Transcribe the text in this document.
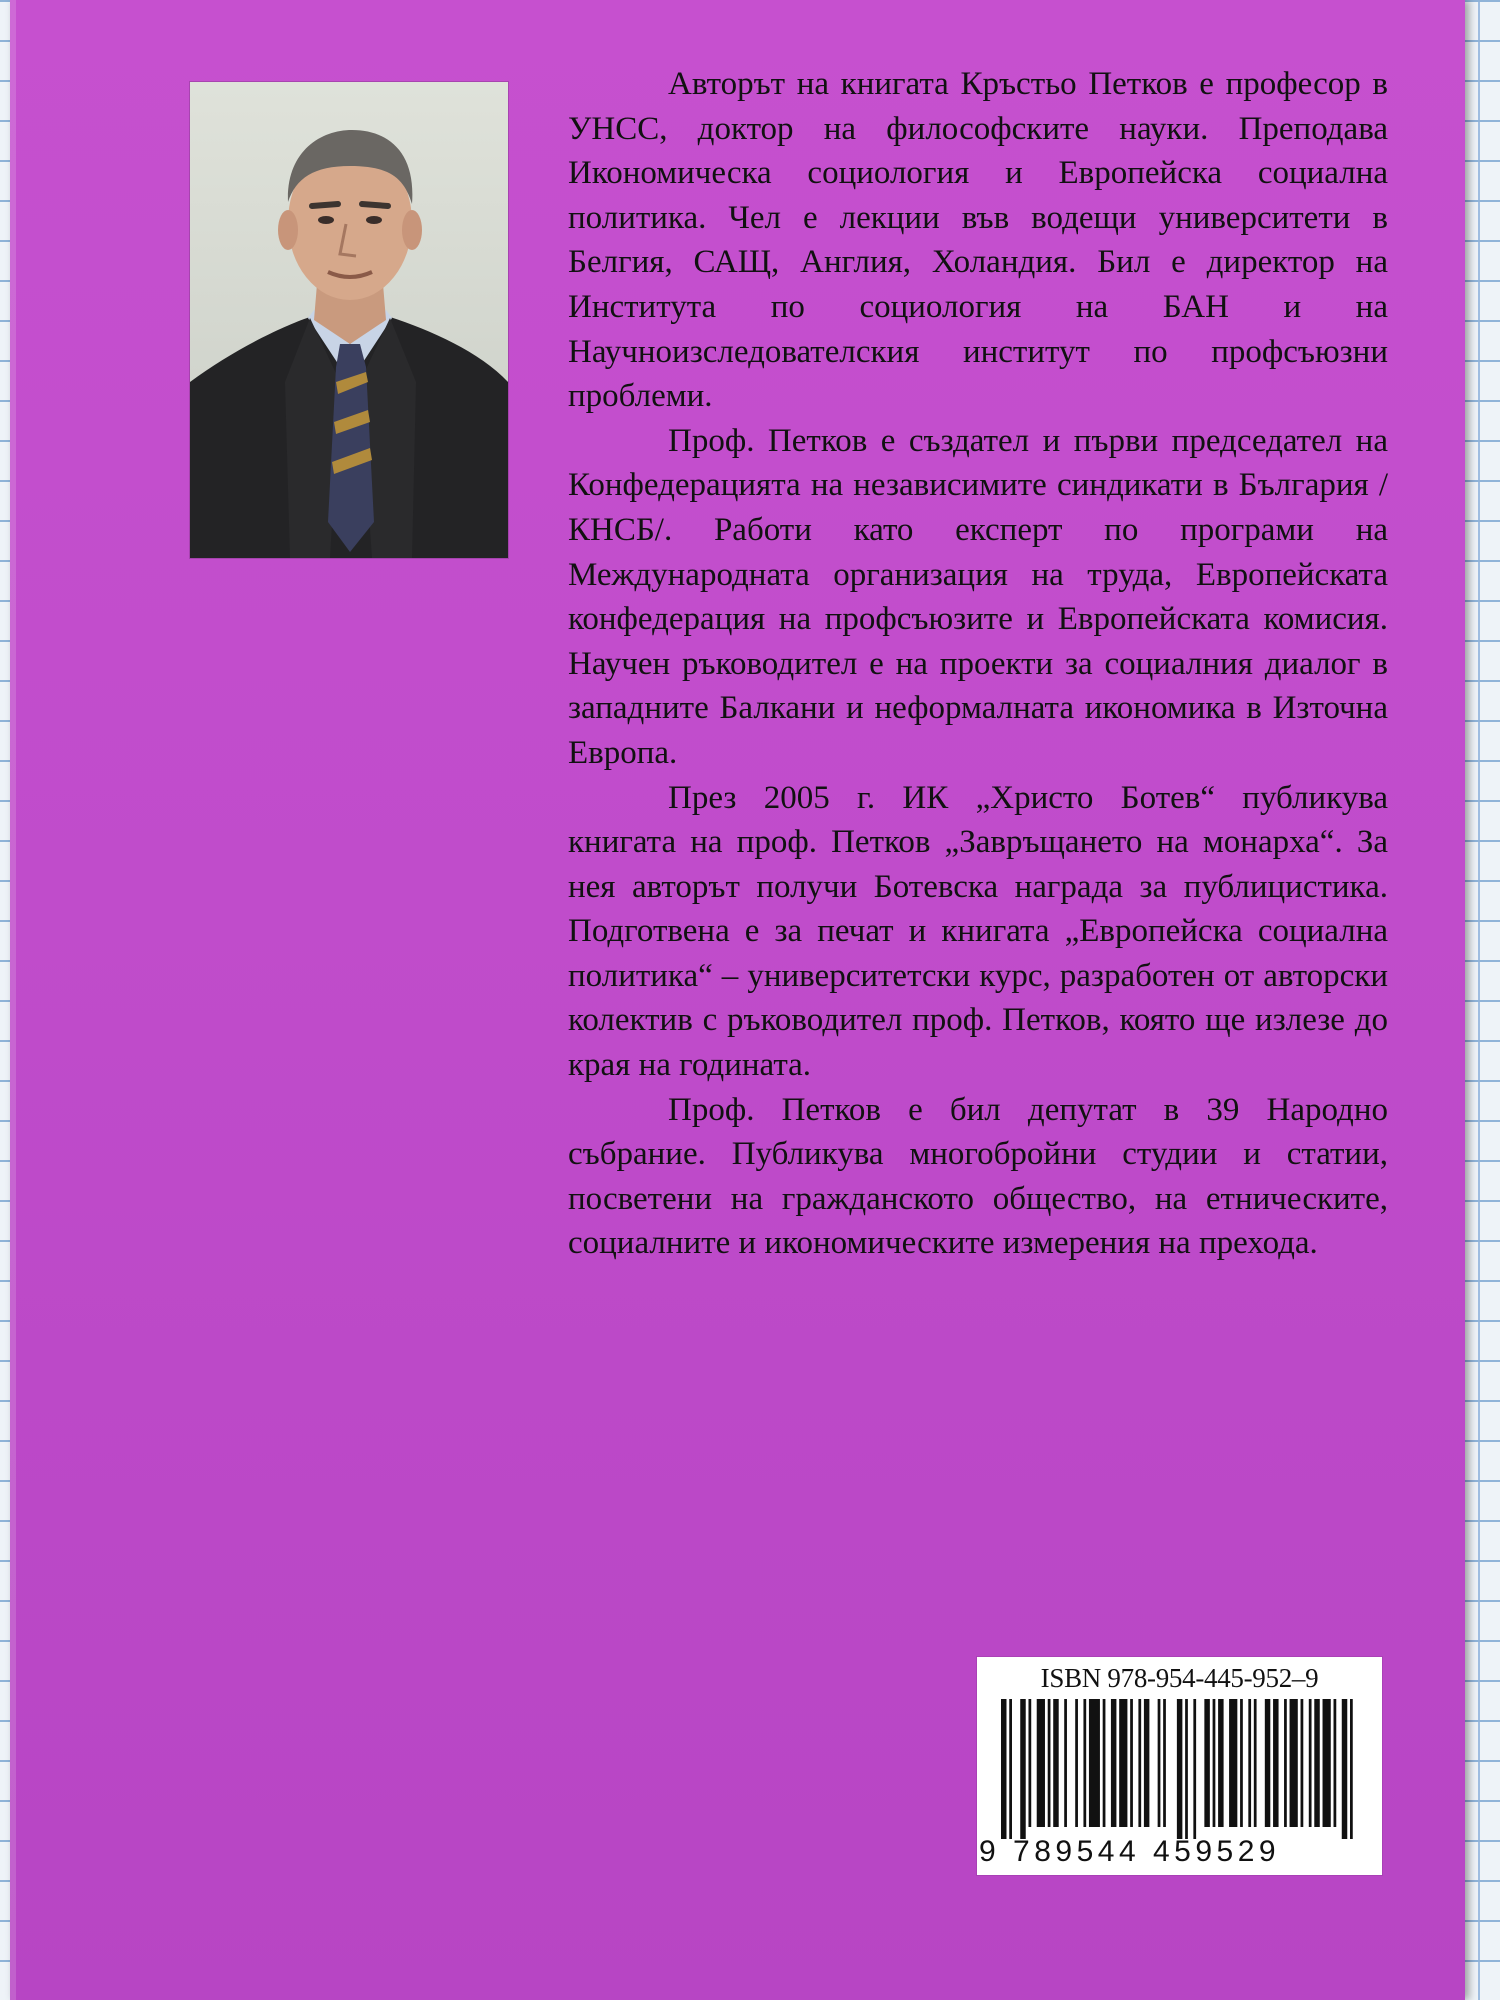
Авторът на книгата Кръстьо Петков е професор в УНСС, доктор на философските науки. Преподава Икономическа социология и Европейска социална политика. Чел е лекции във водещи университети в Белгия, САЩ, Англия, Холандия. Бил е директор на Института по социология на БАН и на Научноизследователския институт по профсъюзни проблеми.

Проф. Петков е създател и първи председател на Конфедерацията на независимите синдикати в България /КНСБ/. Работи като експерт по програми на Международната организация на труда, Европейската конфедерация на профсъюзите и Европейската комисия. Научен ръководител е на проекти за социалния диалог в западните Балкани и неформалната икономика в Източна Европа.

През 2005 г. ИК „Христо Ботев“ публикува книгата на проф. Петков „Завръщането на монарха“. За нея авторът получи Ботевска награда за публицистика. Подготвена е за печат и книгата „Европейска социална политика“ – университетски курс, разработен от авторски колектив с ръководител проф. Петков, която ще излезе до края на годината.

Проф. Петков е бил депутат в 39 Народно събрание. Публикува многобройни студии и статии, посветени на гражданското общество, на етническите, социалните и икономическите измерения на прехода.

ISBN 978-954-445-952–9
9 789544 459529
